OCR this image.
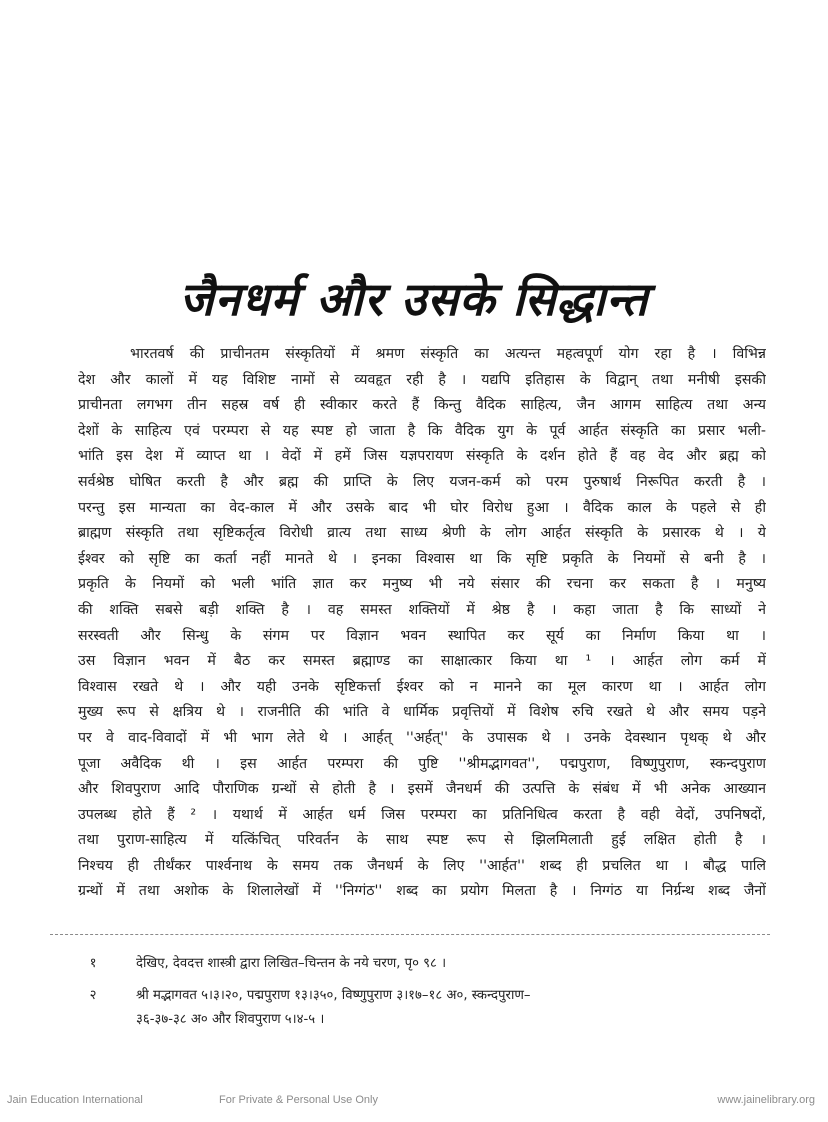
जैनधर्म और उसके सिद्धान्त
भारतवर्ष की प्राचीनतम संस्कृतियों में श्रमण संस्कृति का अत्यन्त महत्वपूर्ण योग रहा है । विभिन्न
देश और कालों में यह विशिष्ट नामों से व्यवहृत रही है । यद्यपि इतिहास के विद्वान् तथा मनीषी इसकी
प्राचीनता लगभग तीन सहस्र वर्ष ही स्वीकार करते हैं किन्तु वैदिक साहित्य, जैन आगम साहित्य तथा अन्य
देशों के साहित्य एवं परम्परा से यह स्पष्ट हो जाता है कि वैदिक युग के पूर्व आर्हत संस्कृति का प्रसार भली-
भांति इस देश में व्याप्त था । वेदों में हमें जिस यज्ञपरायण संस्कृति के दर्शन होते हैं वह वेद और ब्रह्म को
सर्वश्रेष्ठ घोषित करती है और ब्रह्म की प्राप्ति के लिए यजन-कर्म को परम पुरुषार्थ निरूपित करती है ।
परन्तु इस मान्यता का वेद-काल में और उसके बाद भी घोर विरोध हुआ । वैदिक काल के पहले से ही
ब्राह्मण संस्कृति तथा सृष्टिकर्तृत्व विरोधी व्रात्य तथा साध्य श्रेणी के लोग आर्हत संस्कृति के प्रसारक थे । ये
ईश्वर को सृष्टि का कर्ता नहीं मानते थे । इनका विश्वास था कि सृष्टि प्रकृति के नियमों से बनी है ।
प्रकृति के नियमों को भली भांति ज्ञात कर मनुष्य भी नये संसार की रचना कर सकता है । मनुष्य
की शक्ति सबसे बड़ी शक्ति है । वह समस्त शक्तियों में श्रेष्ठ है । कहा जाता है कि साध्यों ने
सरस्वती और सिन्धु के संगम पर विज्ञान भवन स्थापित कर सूर्य का निर्माण किया था ।
उस विज्ञान भवन में बैठ कर समस्त ब्रह्माण्ड का साक्षात्कार किया था ¹ । आर्हत लोग कर्म में
विश्वास रखते थे । और यही उनके सृष्टिकर्त्ता ईश्वर को न मानने का मूल कारण था । आर्हत लोग
मुख्य रूप से क्षत्रिय थे । राजनीति की भांति वे धार्मिक प्रवृत्तियों में विशेष रुचि रखते थे और समय पड़ने
पर वे वाद-विवादों में भी भाग लेते थे । आर्हत् ''अर्हत्'' के उपासक थे । उनके देवस्थान पृथक् थे और
पूजा अवैदिक थी । इस आर्हत परम्परा की पुष्टि ''श्रीमद्भागवत'', पद्मपुराण, विष्णुपुराण, स्कन्दपुराण
और शिवपुराण आदि पौराणिक ग्रन्थों से होती है । इसमें जैनधर्म की उत्पत्ति के संबंध में भी अनेक आख्यान
उपलब्ध होते हैं ² । यथार्थ में आर्हत धर्म जिस परम्परा का प्रतिनिधित्व करता है वही वेदों, उपनिषदों,
तथा पुराण-साहित्य में यत्किंचित् परिवर्तन के साथ स्पष्ट रूप से झिलमिलाती हुई लक्षित होती है ।
निश्चय ही तीर्थंकर पार्श्वनाथ के समय तक जैनधर्म के लिए ''आर्हत'' शब्द ही प्रचलित था । बौद्ध पालि
ग्रन्थों में तथा अशोक के शिलालेखों में ''निग्गंठ'' शब्द का प्रयोग मिलता है । निग्गंठ या निर्ग्रन्थ शब्द जैनों
१	देखिए, देवदत्त शास्त्री द्वारा लिखित–चिन्तन के नये चरण, पृ० ९८ ।
२	श्री मद्भागवत ५।३।२०, पद्मपुराण १३।३५०, विष्णुपुराण ३।१७–१८ अ०, स्कन्दपुराण–
३६-३७-३८ अ० और शिवपुराण ५।४-५ ।
Jain Education International	For Private & Personal Use Only	www.jainelibrary.org
